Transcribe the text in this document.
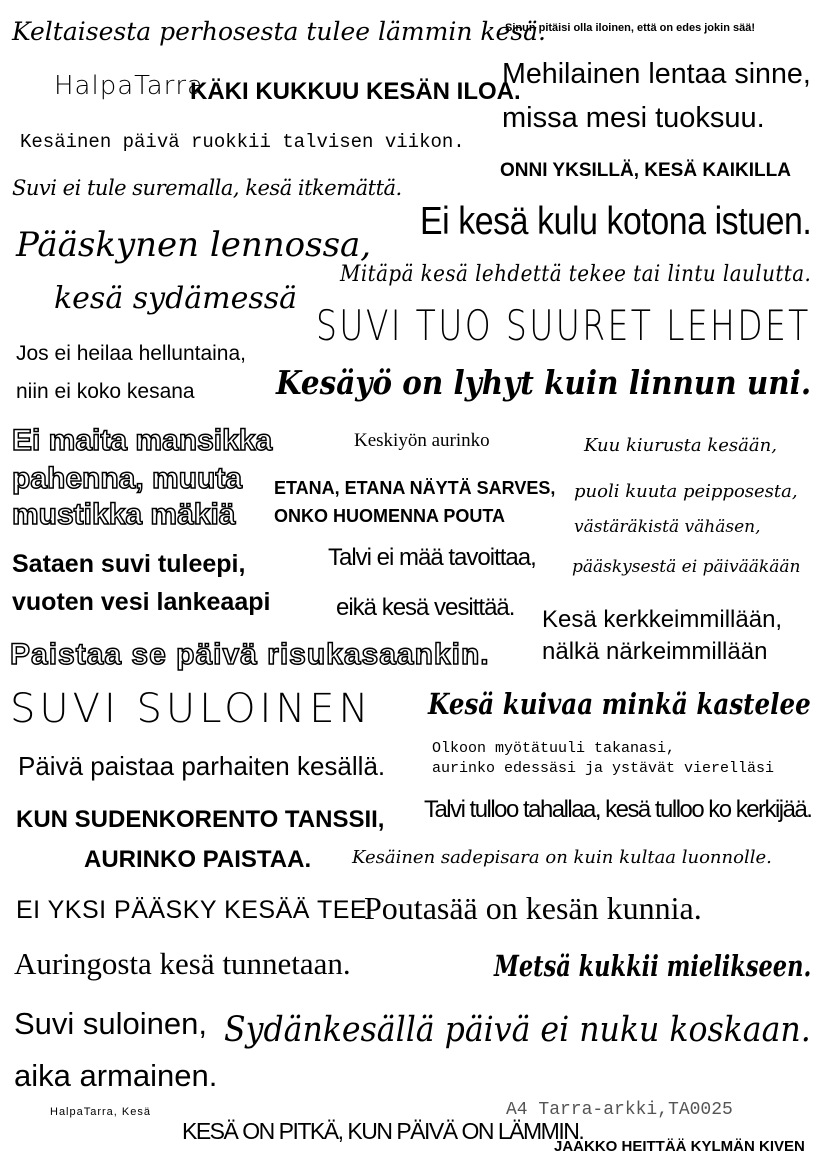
Keltaisesta perhosesta tulee lämmin kesä.
Sinun pitäisi olla iloinen, että on edes jokin sää!
HalpaTarra
KÄKI KUKKUU KESÄN ILOA.
Mehilainen lentaa sinne,
missa mesi tuoksuu.
Kesäinen päivä ruokkii talvisen viikon.
ONNI YKSILLÄ, KESÄ KAIKILLA
Suvi ei tule suremalla, kesä itkemättä.
Ei kesä kulu kotona istuen.
Pääskynen lennossa,
kesä sydämessä
Mitäpä kesä lehdettä tekee tai lintu laulutta.
SUVI TUO SUURET LEHDET
Jos ei heilaa helluntaina,
niin ei koko kesana Kesäyö on lyhyt kuin linnun uni.
Ei maita mansikka
pahenna, muuta
mustikka mäkiä
Keskiyön aurinko	Kuu kiurusta kesään,
puoli kuuta peipposesta,
västäräkistä vähäsen,
pääskysestä ei päivääkään
ETANA, ETANA NÄYTÄ SARVES,
ONKO HUOMENNA POUTA
Sataen suvi tuleepi,
vuoten vesi lankeaapi
Talvi ei mää tavoittaa,
eikä kesä vesittää. Kesä kerkkeimmillään,
nälkä närkeimmillään
Paistaa se päivä risukasaankin.
SUVI SULOINEN Kesä kuivaa minkä kastelee
Olkoon myötätuuli takanasi,
aurinko edessäsi ja ystävät vierelläsi
Päivä paistaa parhaiten kesällä.
KUN SUDENKORENTO TANSSII, Talvi tulloo tahallaa, kesä tulloo ko kerkijää.
AURINKO PAISTAA. Kesäinen sadepisara on kuin kultaa luonnolle.
EI YKSI PÄÄSKY KESÄÄ TEE
Poutasää on kesän kunnia.
Auringosta kesä tunnetaan.	Metsä kukkii mielikseen.
Suvi suloinen,
aika armainen.
Sydänkesällä päivä ei nuku koskaan.
HalpaTarra, Kesä	A4 Tarra-arkki,TA0025
KESÄ ON PITKÄ, KUN PÄIVÄ ON LÄMMIN.
JAAKKO HEITTÄÄ KYLMÄN KIVEN
